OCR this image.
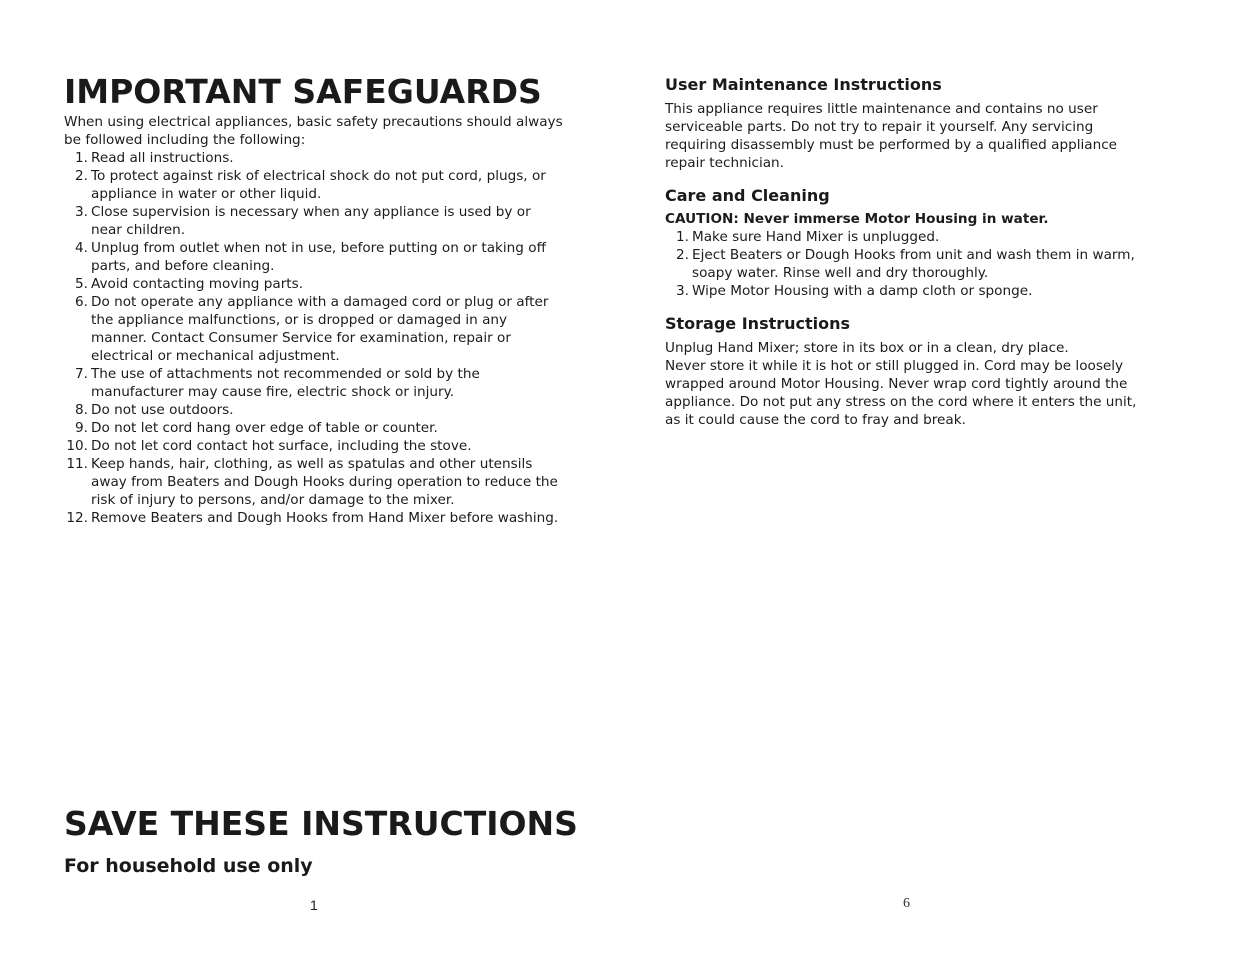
IMPORTANT SAFEGUARDS

When using electrical appliances, basic safety precautions should always be followed including the following:

1. Read all instructions.
2. To protect against risk of electrical shock do not put cord, plugs, or appliance in water or other liquid.
3. Close supervision is necessary when any appliance is used by or near children.
4. Unplug from outlet when not in use, before putting on or taking off parts, and before cleaning.
5. Avoid contacting moving parts.
6. Do not operate any appliance with a damaged cord or plug or after the appliance malfunctions, or is dropped or damaged in any manner. Contact Consumer Service for examination, repair or electrical or mechanical adjustment.
7. The use of attachments not recommended or sold by the manufacturer may cause fire, electric shock or injury.
8. Do not use outdoors.
9. Do not let cord hang over edge of table or counter.
10. Do not let cord contact hot surface, including the stove.
11. Keep hands, hair, clothing, as well as spatulas and other utensils away from Beaters and Dough Hooks during operation to reduce the risk of injury to persons, and/or damage to the mixer.
12. Remove Beaters and Dough Hooks from Hand Mixer before washing.
SAVE THESE INSTRUCTIONS
For household use only
1
User Maintenance Instructions

This appliance requires little maintenance and contains no user serviceable parts. Do not try to repair it yourself. Any servicing requiring disassembly must be performed by a qualified appliance repair technician.

Care and Cleaning

CAUTION: Never immerse Motor Housing in water.

1. Make sure Hand Mixer is unplugged.
2. Eject Beaters or Dough Hooks from unit and wash them in warm, soapy water. Rinse well and dry thoroughly.
3. Wipe Motor Housing with a damp cloth or sponge.
Storage Instructions

Unplug Hand Mixer; store in its box or in a clean, dry place.

Never store it while it is hot or still plugged in. Cord may be loosely wrapped around Motor Housing. Never wrap cord tightly around the appliance. Do not put any stress on the cord where it enters the unit, as it could cause the cord to fray and break.

6
